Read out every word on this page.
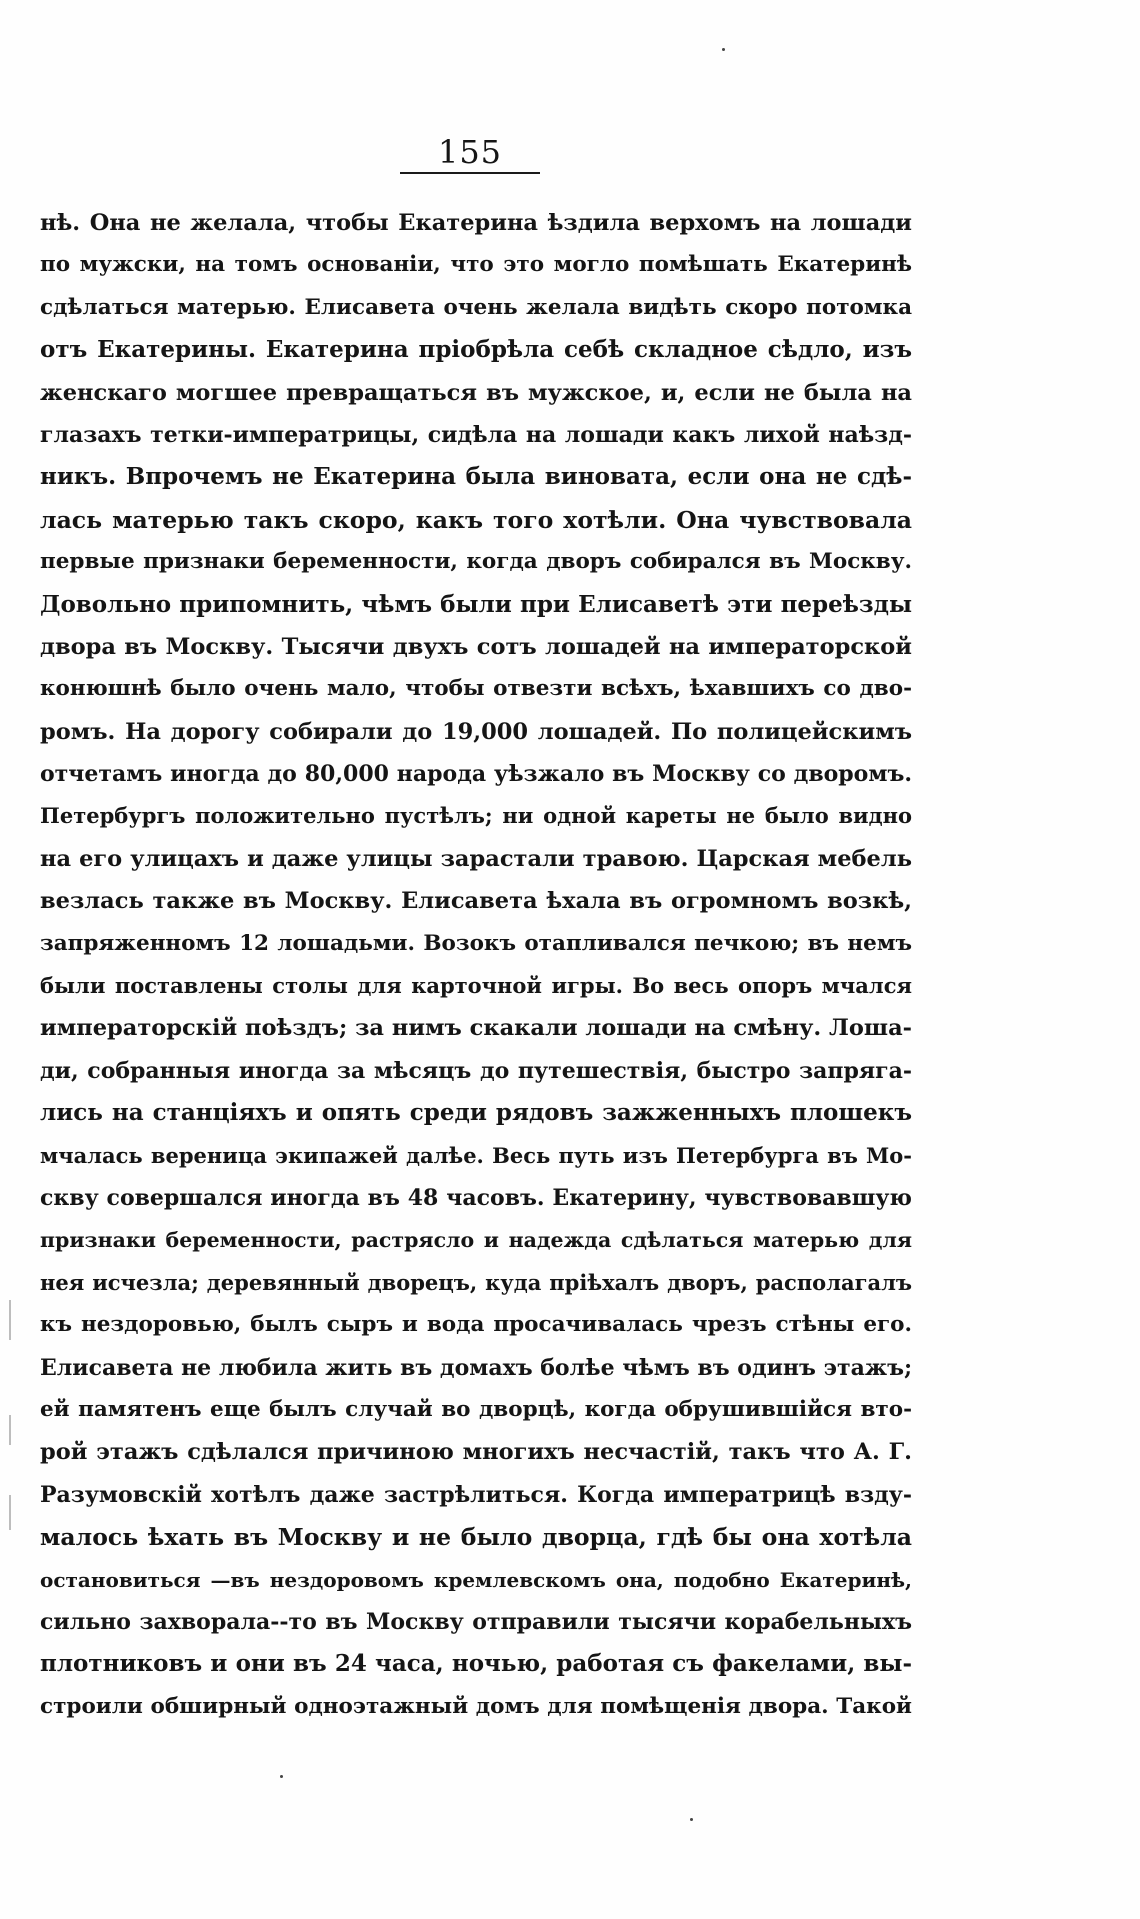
155
нѣ. Она не желала, чтобы Екатерина ѣздила верхомъ на лошади
по мужски, на томъ основаніи, что это могло помѣшать Екатеринѣ
сдѣлаться матерью. Елисавета очень желала видѣть скоро потомка
отъ Екатерины. Екатерина пріобрѣла себѣ складное сѣдло, изъ
женскаго могшее превращаться въ мужское, и, если не была на
глазахъ тетки-императрицы, сидѣла на лошади какъ лихой наѣзд-
никъ. Впрочемъ не Екатерина была виновата, если она не сдѣ-
лась матерью такъ скоро, какъ того хотѣли. Она чувствовала
первые признаки беременности, когда дворъ собирался въ Москву.
Довольно припомнить, чѣмъ были при Елисаветѣ эти переѣзды
двора въ Москву. Тысячи двухъ сотъ лошадей на императорской
конюшнѣ было очень мало, чтобы отвезти всѣхъ, ѣхавшихъ со дво-
ромъ. На дорогу собирали до 19,000 лошадей. По полицейскимъ
отчетамъ иногда до 80,000 народа уѣзжало въ Москву со дворомъ.
Петербургъ положительно пустѣлъ; ни одной кареты не было видно
на его улицахъ и даже улицы зарастали травою. Царская мебель
везлась также въ Москву. Елисавета ѣхала въ огромномъ возкѣ,
запряженномъ 12 лошадьми. Возокъ отапливался печкою; въ немъ
были поставлены столы для карточной игры. Во весь опоръ мчался
императорскій поѣздъ; за нимъ скакали лошади на смѣну. Лоша-
ди, собранныя иногда за мѣсяцъ до путешествія, быстро запряга-
лись на станціяхъ и опять среди рядовъ зажженныхъ плошекъ
мчалась вереница экипажей далѣе. Весь путь изъ Петербурга въ Мо-
скву совершался иногда въ 48 часовъ. Екатерину, чувствовавшую
признаки беременности, растрясло и надежда сдѣлаться матерью для
нея исчезла; деревянный дворецъ, куда пріѣхалъ дворъ, располагалъ
къ нездоровью, былъ сыръ и вода просачивалась чрезъ стѣны его.
Елисавета не любила жить въ домахъ болѣе чѣмъ въ одинъ этажъ;
ей памятенъ еще былъ случай во дворцѣ, когда обрушившійся вто-
рой этажъ сдѣлался причиною многихъ несчастій, такъ что А. Г.
Разумовскій хотѣлъ даже застрѣлиться. Когда императрицѣ взду-
малось ѣхать въ Москву и не было дворца, гдѣ бы она хотѣла
остановиться —въ нездоровомъ кремлевскомъ она, подобно Екатеринѣ,
сильно захворала--то въ Москву отправили тысячи корабельныхъ
плотниковъ и они въ 24 часа, ночью, работая съ факелами, вы-
строили обширный одноэтажный домъ для помѣщенія двора. Такой
